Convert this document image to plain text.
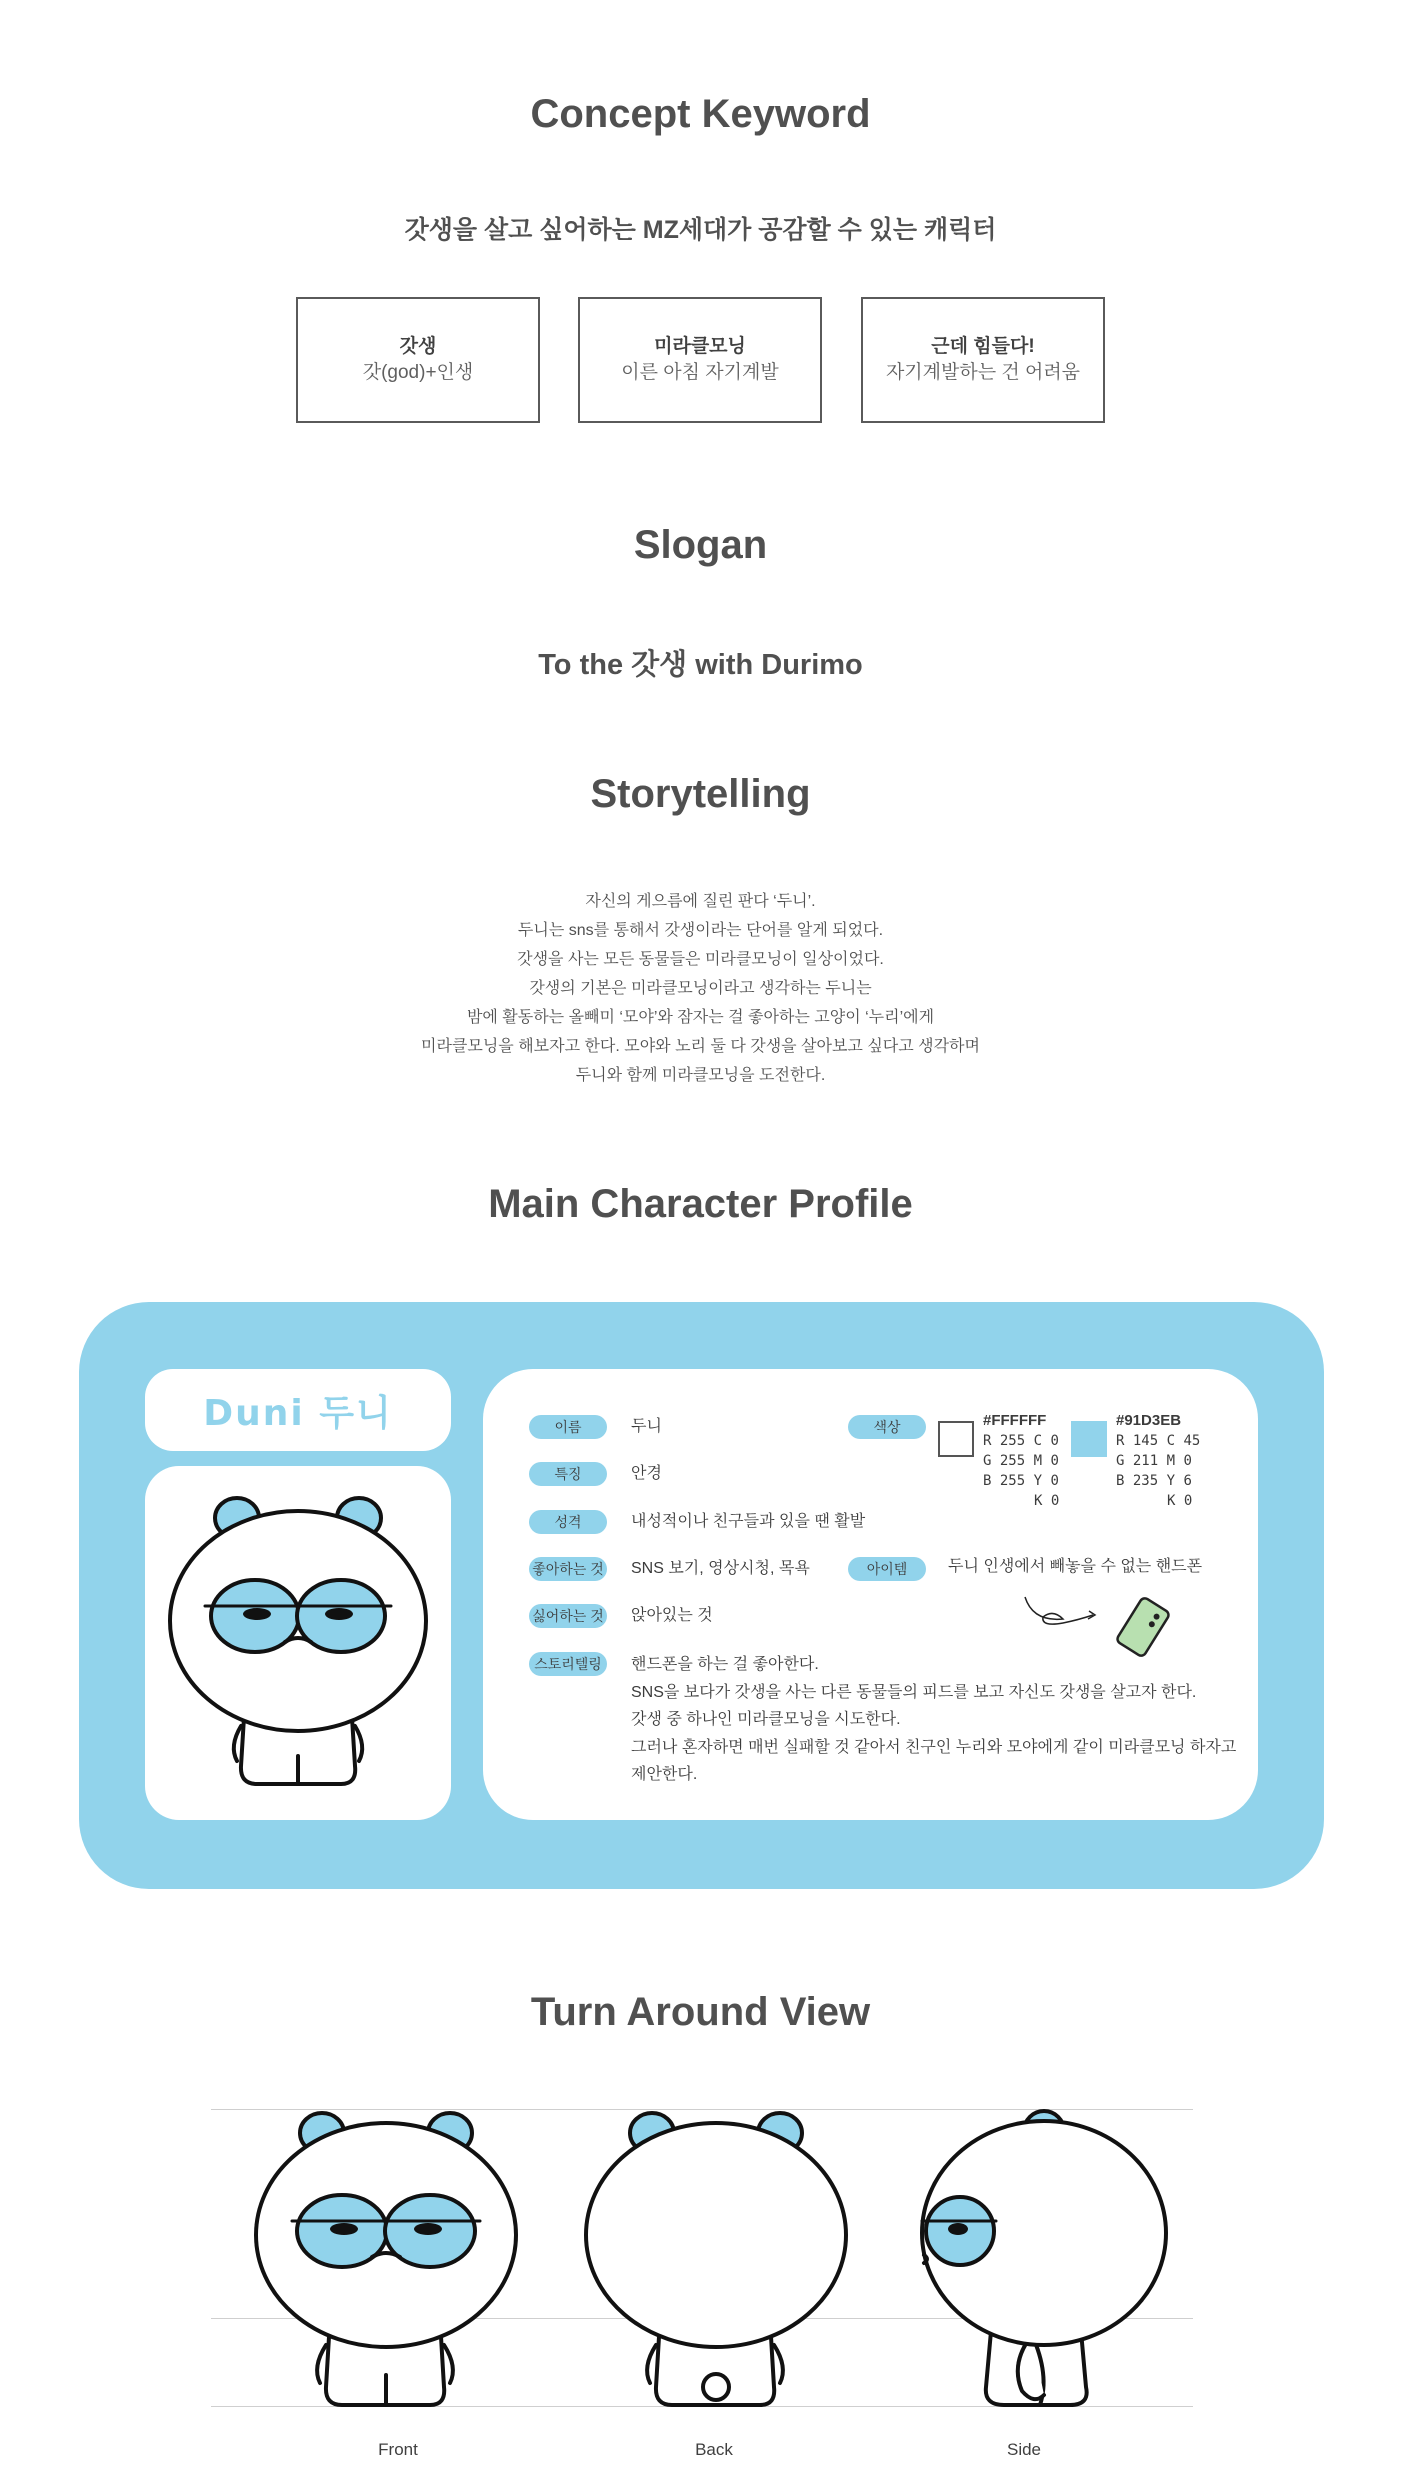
Concept Keyword
갓생을 살고 싶어하는 MZ세대가 공감할 수 있는 캐릭터
갓생
갓(god)+인생
미라클모닝
이른 아침 자기계발
근데 힘들다!
자기계발하는 건 어려움
Slogan
To the 갓생 with Durimo
Storytelling
자신의 게으름에 질린 판다 ‘두니’.
두니는 sns를 통해서 갓생이라는 단어를 알게 되었다.
갓생을 사는 모든 동물들은 미라클모닝이 일상이었다.
갓생의 기본은 미라클모닝이라고 생각하는 두니는
밤에 활동하는 올빼미 ‘모야’와 잠자는 걸 좋아하는 고양이 ‘누리’에게
미라클모닝을 해보자고 한다. 모야와 노리 둘 다 갓생을 살아보고 싶다고 생각하며
두니와 함께 미라클모닝을 도전한다.
Main Character Profile
Duni 두니	이름	두니
특징	안경
성격	내성적이나 친구들과 있을 땐 활발
좋아하는 것 SNS 보기, 영상시청, 목욕
싫어하는 것 앉아있는 것
스토리텔링	핸드폰을 하는 걸 좋아한다.
SNS을 보다가 갓생을 사는 다른 동물들의 피드를 보고 자신도 갓생을 살고자 한다.
갓생 중 하나인 미라클모닝을 시도한다.
그러나 혼자하면 매번 실패할 것 같아서 친구인 누리와 모야에게 같이 미라클모닝 하자고
제안한다.
색상	#FFFFFF
R 255 C 0
G 255 M 0
B 255 Y 0
K 0
#91D3EB
R 145 C 45
G 211 M 0
B 235 Y 6
K 0
아이템	두니 인생에서 빼놓을 수 없는 핸드폰
Turn Around View
Front	Back	Side
